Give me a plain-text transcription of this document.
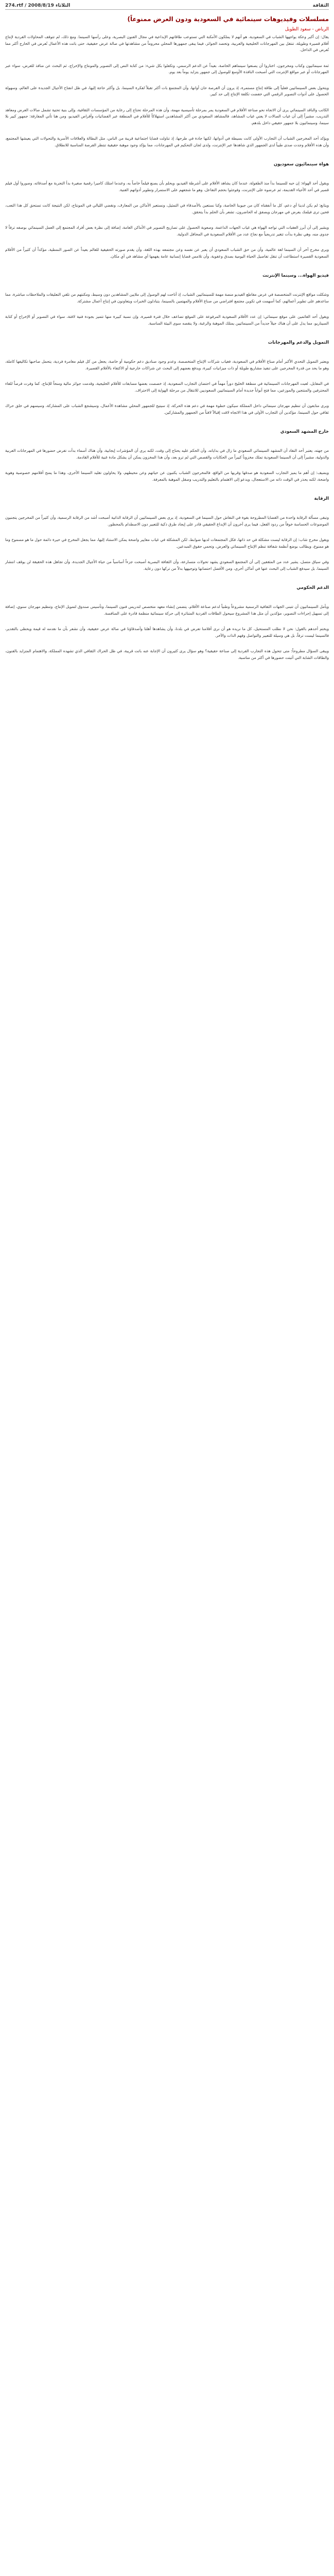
الثقافة
274.rtf / 2008/8/19 الثلاثاء
مسلسلات وفيديوهات سينمائية في السعودية ودون العرض ممنوعاً)
الرياض - سعود الطويل

يقال: إن أكبر وعكة يواجهها الشباب في السعودية، هو أنهم لا يملكون الأمكنة التي تستوعب طاقاتهم الإبداعية في مجال الفنون البصرية، وعلى رأسها السينما. ومع ذلك، لم تتوقف المحاولات الفردية لإنتاج أفلام قصيرة وطويلة، تنتقل بين المهرجانات الخليجية والعربية، وتحصد الجوائز، فيما يبقى جمهورها المحلي محروماً من مشاهدتها في صالة عرض حقيقية، حتى باتت هذه الأعمال تُعرض في الخارج أكثر مما تُعرض في الداخل.

ثمة سينمائيون وكتاب ومخرجون، اختاروا أن يصنعوا سينماهم الخاصة، بعيداً عن الدعم الرسمي، وتكفلوا بكل شيء: من كتابة النص إلى التصوير والمونتاج والإخراج، ثم البحث عن منافذ للعرض، سواء عبر المهرجانات أو عبر مواقع الإنترنت التي أصبحت النافذة الأوسع للوصول إلى جمهور يتزايد يوماً بعد يوم.

ويتحول بعض السينمائيين فعلياً إلى طاقة إنتاج مستمرة، إذ يرون أن الفرصة حان أوانها، وأن المجتمع بات أكثر تقبلاً لفكرة السينما، بل وأكثر حاجة إليها، في ظل انفتاح الأجيال الجديدة على العالم، وسهولة الحصول على أدوات التصوير الرقمي التي خفضت تكلفة الإنتاج إلى حد كبير.

الكاتب والناقد السينمائي يرى أن الاتجاه نحو صناعة الأفلام في السعودية يمر بمرحلة تأسيسية مهمة، وأن هذه المرحلة تحتاج إلى رعاية من المؤسسات الثقافية، وإلى بنية تحتية تشمل صالات العرض ومعاهد التدريب، مشيراً إلى أن غياب الصالات لا يعني غياب المشاهد، فالمشاهد السعودي من أكثر المشاهدين استهلاكاً للأفلام في المنطقة عبر الفضائيات وأقراص الفيديو، ومن هنا تأتي المفارقة: جمهور كبير بلا سينما، وسينمائيون بلا جمهور حقيقي داخل بلدهم.

ويؤكد أحد المخرجين الشباب أن التجارب الأولى كانت بسيطة في أدواتها، لكنها جادة في طرحها، إذ تناولت قضايا اجتماعية قريبة من الناس، مثل البطالة والعلاقات الأسرية والتحولات التي يعيشها المجتمع، وأن هذه الأفلام وجدت صدى طيباً لدى الجمهور الذي شاهدها عبر الإنترنت، ولدى لجان التحكيم في المهرجانات، مما يؤكد وجود موهبة حقيقية تنتظر الفرصة المناسبة للانطلاق.

هواة سينمائيون سعوديون

ويقول أحد الهواة: إن حبه للسينما بدأ منذ الطفولة، عندما كان يشاهد الأفلام على أشرطة الفيديو، ويحلم بأن يصنع فيلماً خاصاً به، وعندما امتلك كاميرا رقمية صغيرة بدأ التجربة مع أصدقائه، وصوروا أول فيلم قصير في أحد الأحياء القديمة، ثم عرضوه على الإنترنت، وفوجئوا بحجم التفاعل، وهو ما شجعهم على الاستمرار وتطوير أدواتهم الفنية.

ويتابع: لم يكن لدينا أي دعم، كل ما أنفقناه كان من جيوبنا الخاصة، وكنا نستعين بالأصدقاء في التمثيل، ونستعير الأماكن من المعارف، ونقضي الليالي في المونتاج، لكن النتيجة كانت تستحق كل هذا التعب، فحين ترى فيلمك يعرض في مهرجان ويصفق له الحاضرون، تشعر بأن الحلم بدأ يتحقق.

ويشير إلى أن أبرز العقبات التي تواجه الهواة هي غياب الجهات الداعمة، وصعوبة الحصول على تصاريح التصوير في الأماكن العامة، إضافة إلى نظرة بعض أفراد المجتمع إلى العمل السينمائي بوصفه ترفاً لا جدوى منه، وهي نظرة بدأت تتغير تدريجياً مع نجاح عدد من الأفلام السعودية في المحافل الدولية.

ويرى مخرج آخر أن السينما لغة عالمية، وأن من حق الشباب السعودي أن يعبر عن نفسه وعن مجتمعه بهذه اللغة، وأن يقدم صورته الحقيقية للعالم بعيداً عن الصور النمطية، مؤكداً أن كثيراً من الأفلام السعودية القصيرة استطاعت أن تنقل تفاصيل الحياة اليومية بصدق وعفوية، وأن تلامس قضايا إنسانية عامة يفهمها أي مشاهد في أي مكان.

فيديو الهواة... وسينما الإنترنت

وشكلت مواقع الإنترنت المتخصصة في عرض مقاطع الفيديو منصة مهمة للسينمائيين الشباب، إذ أتاحت لهم الوصول إلى ملايين المشاهدين دون وسيط، ومكنتهم من تلقي التعليقات والملاحظات مباشرة، مما ساعدهم على تطوير أعمالهم، كما أسهمت في تكوين مجتمع افتراضي من صناع الأفلام والمهتمين بالسينما، يتبادلون الخبرات ويتعاونون في إنتاج أعمال مشتركة.

ويقول أحد القائمين على موقع سينمائي: إن عدد الأفلام السعودية المرفوعة على الموقع تضاعف خلال فترة قصيرة، وإن نسبة كبيرة منها تتميز بجودة فنية لافتة، سواء في التصوير أو الإخراج أو كتابة السيناريو، مما يدل على أن هناك جيلاً جديداً من السينمائيين يمتلك الموهبة والرغبة، ولا ينقصه سوى البيئة المناسبة.

التمويل والدعم والمهرجانات

ويعتبر التمويل التحدي الأكبر أمام صناع الأفلام في السعودية، فغياب شركات الإنتاج المتخصصة، وعدم وجود صناديق دعم حكومية أو خاصة، يجعل من كل فيلم مغامرة فردية، يتحمل صاحبها تكاليفها كاملة، وهو ما يحد من قدرة المخرجين على تنفيذ مشاريع طويلة أو ذات ميزانيات كبيرة، ويدفع بعضهم إلى البحث عن شراكات خارجية أو الاكتفاء بالأفلام القصيرة.

في المقابل، لعبت المهرجانات السينمائية في منطقة الخليج دوراً مهماً في احتضان التجارب السعودية، إذ خصصت بعضها مسابقات للأفلام الخليجية، وقدمت جوائز مالية ومنحاً للإنتاج، كما وفرت فرصاً للقاء المحترفين والمنتجين والموزعين، مما فتح أبواباً جديدة أمام السينمائيين السعوديين للانتقال من مرحلة الهواية إلى الاحتراف.

ويرى متابعون أن تنظيم مهرجان سينمائي داخل المملكة سيكون خطوة مهمة في دعم هذه الحركة، إذ سيتيح للجمهور المحلي مشاهدة الأعمال، وسيشجع الشباب على المشاركة، وسيسهم في خلق حراك ثقافي حول السينما، مؤكدين أن التجارب الأولى في هذا الاتجاه لاقت إقبالاً لافتاً من الجمهور والمشاركين.

خارج المشهد السعودي

من جهته، يعتبر أحد النقاد أن المشهد السينمائي السعودي ما زال في بداياته، وأن الحكم عليه يحتاج إلى وقت، لكنه يرى أن المؤشرات إيجابية، وأن هناك أسماء بدأت تفرض حضورها في المهرجانات العربية والدولية، مشيراً إلى أن السينما السعودية تملك مخزوناً كبيراً من الحكايات والقصص التي لم ترو بعد، وأن هذا المخزون يمكن أن يشكل مادة غنية للأفلام القادمة.

ويضيف: إن أهم ما يميز التجارب السعودية هو صدقها وقربها من الواقع، فالمخرجون الشباب يكتبون عن حياتهم وعن محيطهم، ولا يحاولون تقليد السينما الأخرى، وهذا ما يمنح أفلامهم خصوصية وهوية واضحة، لكنه يحذر في الوقت ذاته من الاستعجال، ويدعو إلى الاهتمام بالتعليم والتدريب وصقل الموهبة بالمعرفة.

الرقابة

وتبقى مسألة الرقابة واحدة من القضايا المطروحة بقوة في النقاش حول السينما في السعودية، إذ يرى بعض السينمائيين أن الرقابة الذاتية أصبحت أشد من الرقابة الرسمية، وأن كثيراً من المخرجين يتجنبون الموضوعات الحساسة خوفاً من ردود الفعل، فيما يرى آخرون أن الإبداع الحقيقي قادر على إيجاد طرق ذكية للتعبير دون الاصطدام بالمحظور.

ويقول مخرج شاب: إن الرقابة ليست مشكلة في حد ذاتها، فكل المجتمعات لديها ضوابط، لكن المشكلة في غياب معايير واضحة يمكن الاستناد إليها، مما يجعل المخرج في حيرة دائمة حول ما هو مسموح وما هو ممنوع، ويطالب بوضع أنظمة شفافة تنظم الإنتاج السينمائي والعرض، وتحمي حقوق المبدعين.

وفي سياق متصل، يشير عدد من المثقفين إلى أن المجتمع السعودي يشهد تحولات متسارعة، وأن الثقافة البصرية أصبحت جزءاً أساسياً من حياة الأجيال الجديدة، وأن تجاهل هذه الحقيقة لن يوقف انتشار السينما، بل سيدفع الشباب إلى البحث عنها في أماكن أخرى، ومن الأفضل احتضانها وتوجيهها بدلاً من تركها دون رعاية.

الدعم الحكومي

ويأمل السينمائيون أن تتبنى الجهات الثقافية الرسمية مشروعاً وطنياً لدعم صناعة الأفلام، يتضمن إنشاء معهد متخصص لتدريس فنون السينما، وتأسيس صندوق لتمويل الإنتاج، وتنظيم مهرجان سنوي، إضافة إلى تسهيل إجراءات التصوير، مؤكدين أن مثل هذا المشروع سيحول الطاقات الفردية المتناثرة إلى حركة سينمائية منظمة قادرة على المنافسة.

ويختم أحدهم بالقول: نحن لا نطلب المستحيل، كل ما نريده هو أن نرى أفلامنا تعرض في بلدنا، وأن يشاهدها أهلنا وأصدقاؤنا في صالة عرض حقيقية، وأن نشعر بأن ما نقدمه له قيمة ويحظى بالتقدير، فالسينما ليست ترفاً، بل هي وسيلة للتعبير والتواصل وفهم الذات والآخر.

ويبقى السؤال مطروحاً: متى تتحول هذه التجارب الفردية إلى صناعة حقيقية؟ وهو سؤال يرى كثيرون أن الإجابة عنه باتت قريبة، في ظل الحراك الثقافي الذي تشهده المملكة، والاهتمام المتزايد بالفنون، والطاقات الشابة التي أثبتت حضورها في أكثر من مناسبة.
